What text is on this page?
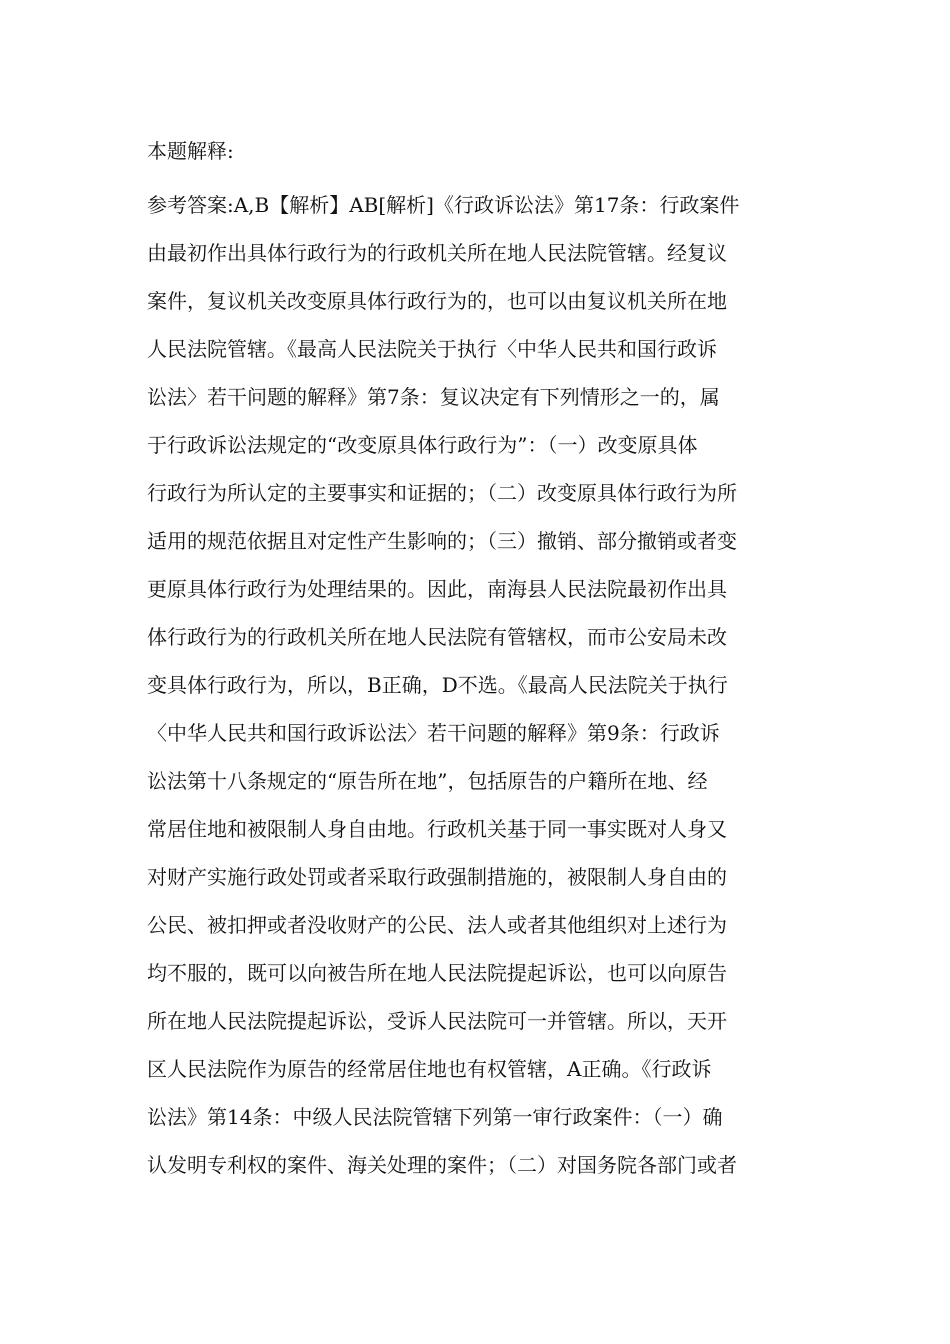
本题解释:
参考答案:A,B【解析】AB[解析]《行政诉讼法》第17条：行政案件
由最初作出具体行政行为的行政机关所在地人民法院管辖。经复议
案件，复议机关改变原具体行政行为的，也可以由复议机关所在地
人民法院管辖。《最高人民法院关于执行〈中华人民共和国行政诉
讼法〉若干问题的解释》第7条：复议决定有下列情形之一的，属
于行政诉讼法规定的“改变原具体行政行为”：（一）改变原具体
行政行为所认定的主要事实和证据的；（二）改变原具体行政行为所
适用的规范依据且对定性产生影响的；（三）撤销、部分撤销或者变
更原具体行政行为处理结果的。因此，南海县人民法院最初作出具
体行政行为的行政机关所在地人民法院有管辖权，而市公安局未改
变具体行政行为，所以，B正确，D不选。《最高人民法院关于执行
〈中华人民共和国行政诉讼法〉若干问题的解释》第9条：行政诉
讼法第十八条规定的“原告所在地”，包括原告的户籍所在地、经
常居住地和被限制人身自由地。行政机关基于同一事实既对人身又
对财产实施行政处罚或者采取行政强制措施的，被限制人身自由的
公民、被扣押或者没收财产的公民、法人或者其他组织对上述行为
均不服的，既可以向被告所在地人民法院提起诉讼，也可以向原告
所在地人民法院提起诉讼，受诉人民法院可一并管辖。所以，天开
区人民法院作为原告的经常居住地也有权管辖，A正确。《行政诉
讼法》第14条：中级人民法院管辖下列第一审行政案件：（一）确
认发明专利权的案件、海关处理的案件；（二）对国务院各部门或者
